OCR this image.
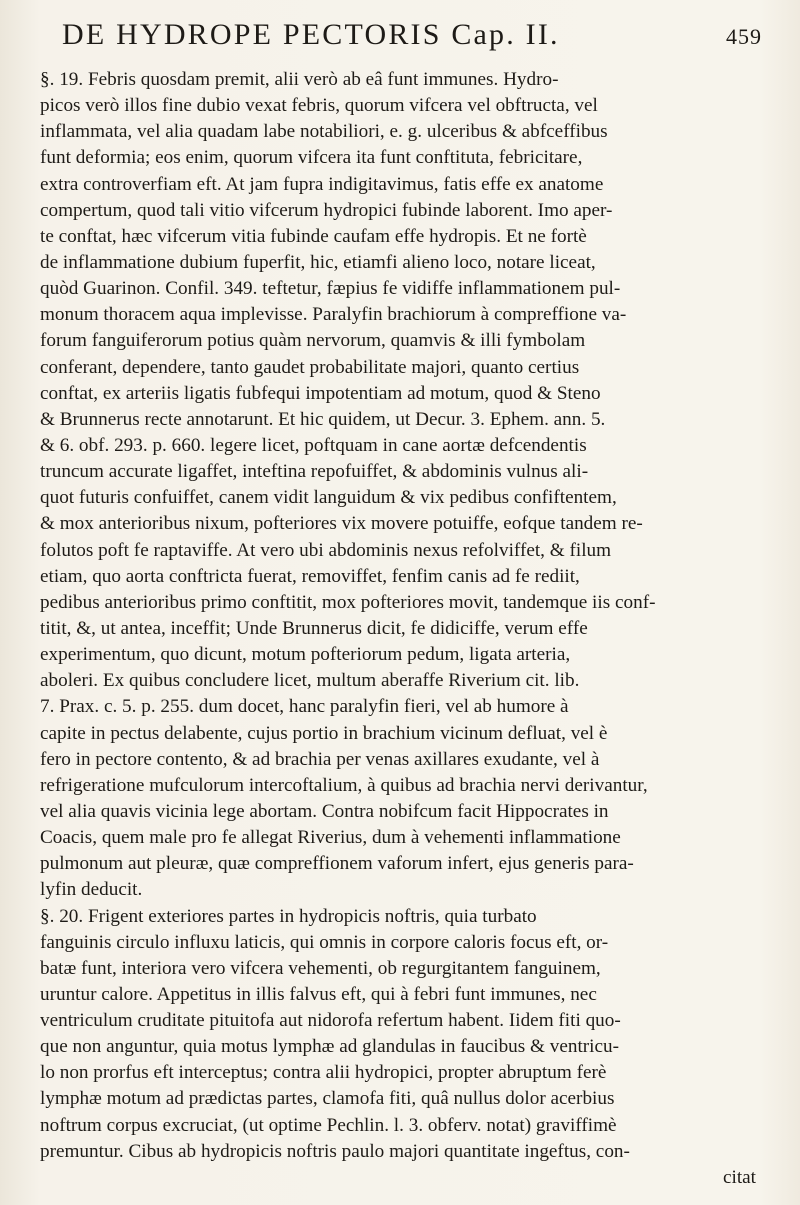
DE HYDROPE PECTORIS Cap. II.	459
§. 19. Febris quosdam premit, alii verò ab eâ funt immunes. Hydro-
picos verò illos fine dubio vexat febris, quorum vifcera vel obftructa, vel
inflammata, vel alia quadam labe notabiliori, e. g. ulceribus & abfceffibus
funt deformia; eos enim, quorum vifcera ita funt conftituta, febricitare,
extra controverfiam eft. At jam fupra indigitavimus, fatis effe ex anatome
compertum, quod tali vitio vifcerum hydropici fubinde laborent. Imo aper-
te conftat, hæc vifcerum vitia fubinde caufam effe hydropis. Et ne fortè
de inflammatione dubium fuperfit, hic, etiamfi alieno loco, notare liceat,
quòd Guarinon. Confil. 349. teftetur, fæpius fe vidiffe inflammationem pul-
monum thoracem aqua implevisse. Paralyfin brachiorum à compreffione va-
forum fanguiferorum potius quàm nervorum, quamvis & illi fymbolam
conferant, dependere, tanto gaudet probabilitate majori, quanto certius
conftat, ex arteriis ligatis fubfequi impotentiam ad motum, quod & Steno
& Brunnerus recte annotarunt. Et hic quidem, ut Decur. 3. Ephem. ann. 5.
& 6. obf. 293. p. 660. legere licet, poftquam in cane aortæ defcendentis
truncum accurate ligaffet, inteftina repofuiffet, & abdominis vulnus ali-
quot futuris confuiffet, canem vidit languidum & vix pedibus confiftentem,
& mox anterioribus nixum, pofteriores vix movere potuiffe, eofque tandem re-
folutos poft fe raptaviffe. At vero ubi abdominis nexus refolviffet, & filum
etiam, quo aorta conftricta fuerat, removiffet, fenfim canis ad fe rediit,
pedibus anterioribus primo conftitit, mox pofteriores movit, tandemque iis conf-
titit, &, ut antea, inceffit; Unde Brunnerus dicit, fe didiciffe, verum effe
experimentum, quo dicunt, motum pofteriorum pedum, ligata arteria,
aboleri. Ex quibus concludere licet, multum aberaffe Riverium cit. lib.
7. Prax. c. 5. p. 255. dum docet, hanc paralyfin fieri, vel ab humore à
capite in pectus delabente, cujus portio in brachium vicinum defluat, vel è
fero in pectore contento, & ad brachia per venas axillares exudante, vel à
refrigeratione mufculorum intercoftalium, à quibus ad brachia nervi derivantur,
vel alia quavis vicinia lege abortam. Contra nobifcum facit Hippocrates in
Coacis, quem male pro fe allegat Riverius, dum à vehementi inflammatione
pulmonum aut pleuræ, quæ compreffionem vaforum infert, ejus generis para-
lyfin deducit.
§. 20. Frigent exteriores partes in hydropicis noftris, quia turbato
fanguinis circulo influxu laticis, qui omnis in corpore caloris focus eft, or-
batæ funt, interiora vero vifcera vehementi, ob regurgitantem fanguinem,
uruntur calore. Appetitus in illis falvus eft, qui à febri funt immunes, nec
ventriculum cruditate pituitofa aut nidorofa refertum habent. Iidem fiti quo-
que non anguntur, quia motus lymphæ ad glandulas in faucibus & ventricu-
lo non prorfus eft interceptus; contra alii hydropici, propter abruptum ferè
lymphæ motum ad prædictas partes, clamofa fiti, quâ nullus dolor acerbius
noftrum corpus excruciat, (ut optime Pechlin. l. 3. obferv. notat) graviffimè
premuntur. Cibus ab hydropicis noftris paulo majori quantitate ingeftus, con-
citat
